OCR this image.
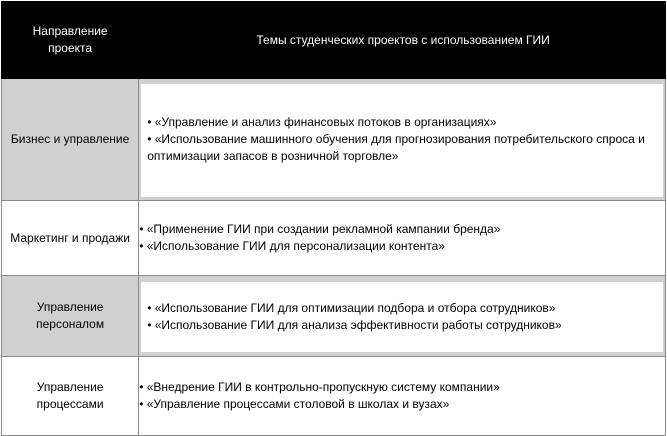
Направление проекта	Темы студенческих проектов с использованием ГИИ
Бизнес и управление	• «Управление и анализ финансовых потоков в организациях»
• «Использование машинного обучения для прогнозирования потребительского спроса и оптимизации запасов в розничной торговле»

Маркетинг и продажи	• «Применение ГИИ при создании рекламной кампании бренда»
• «Использование ГИИ для персонализации контента»

Управление персоналом	• «Использование ГИИ для оптимизации подбора и отбора сотрудников»
• «Использование ГИИ для анализа эффективности работы сотрудников»

Управление процессами	• «Внедрение ГИИ в контрольно-пропускную систему компании»
• «Управление процессами столовой в школах и вузах»
